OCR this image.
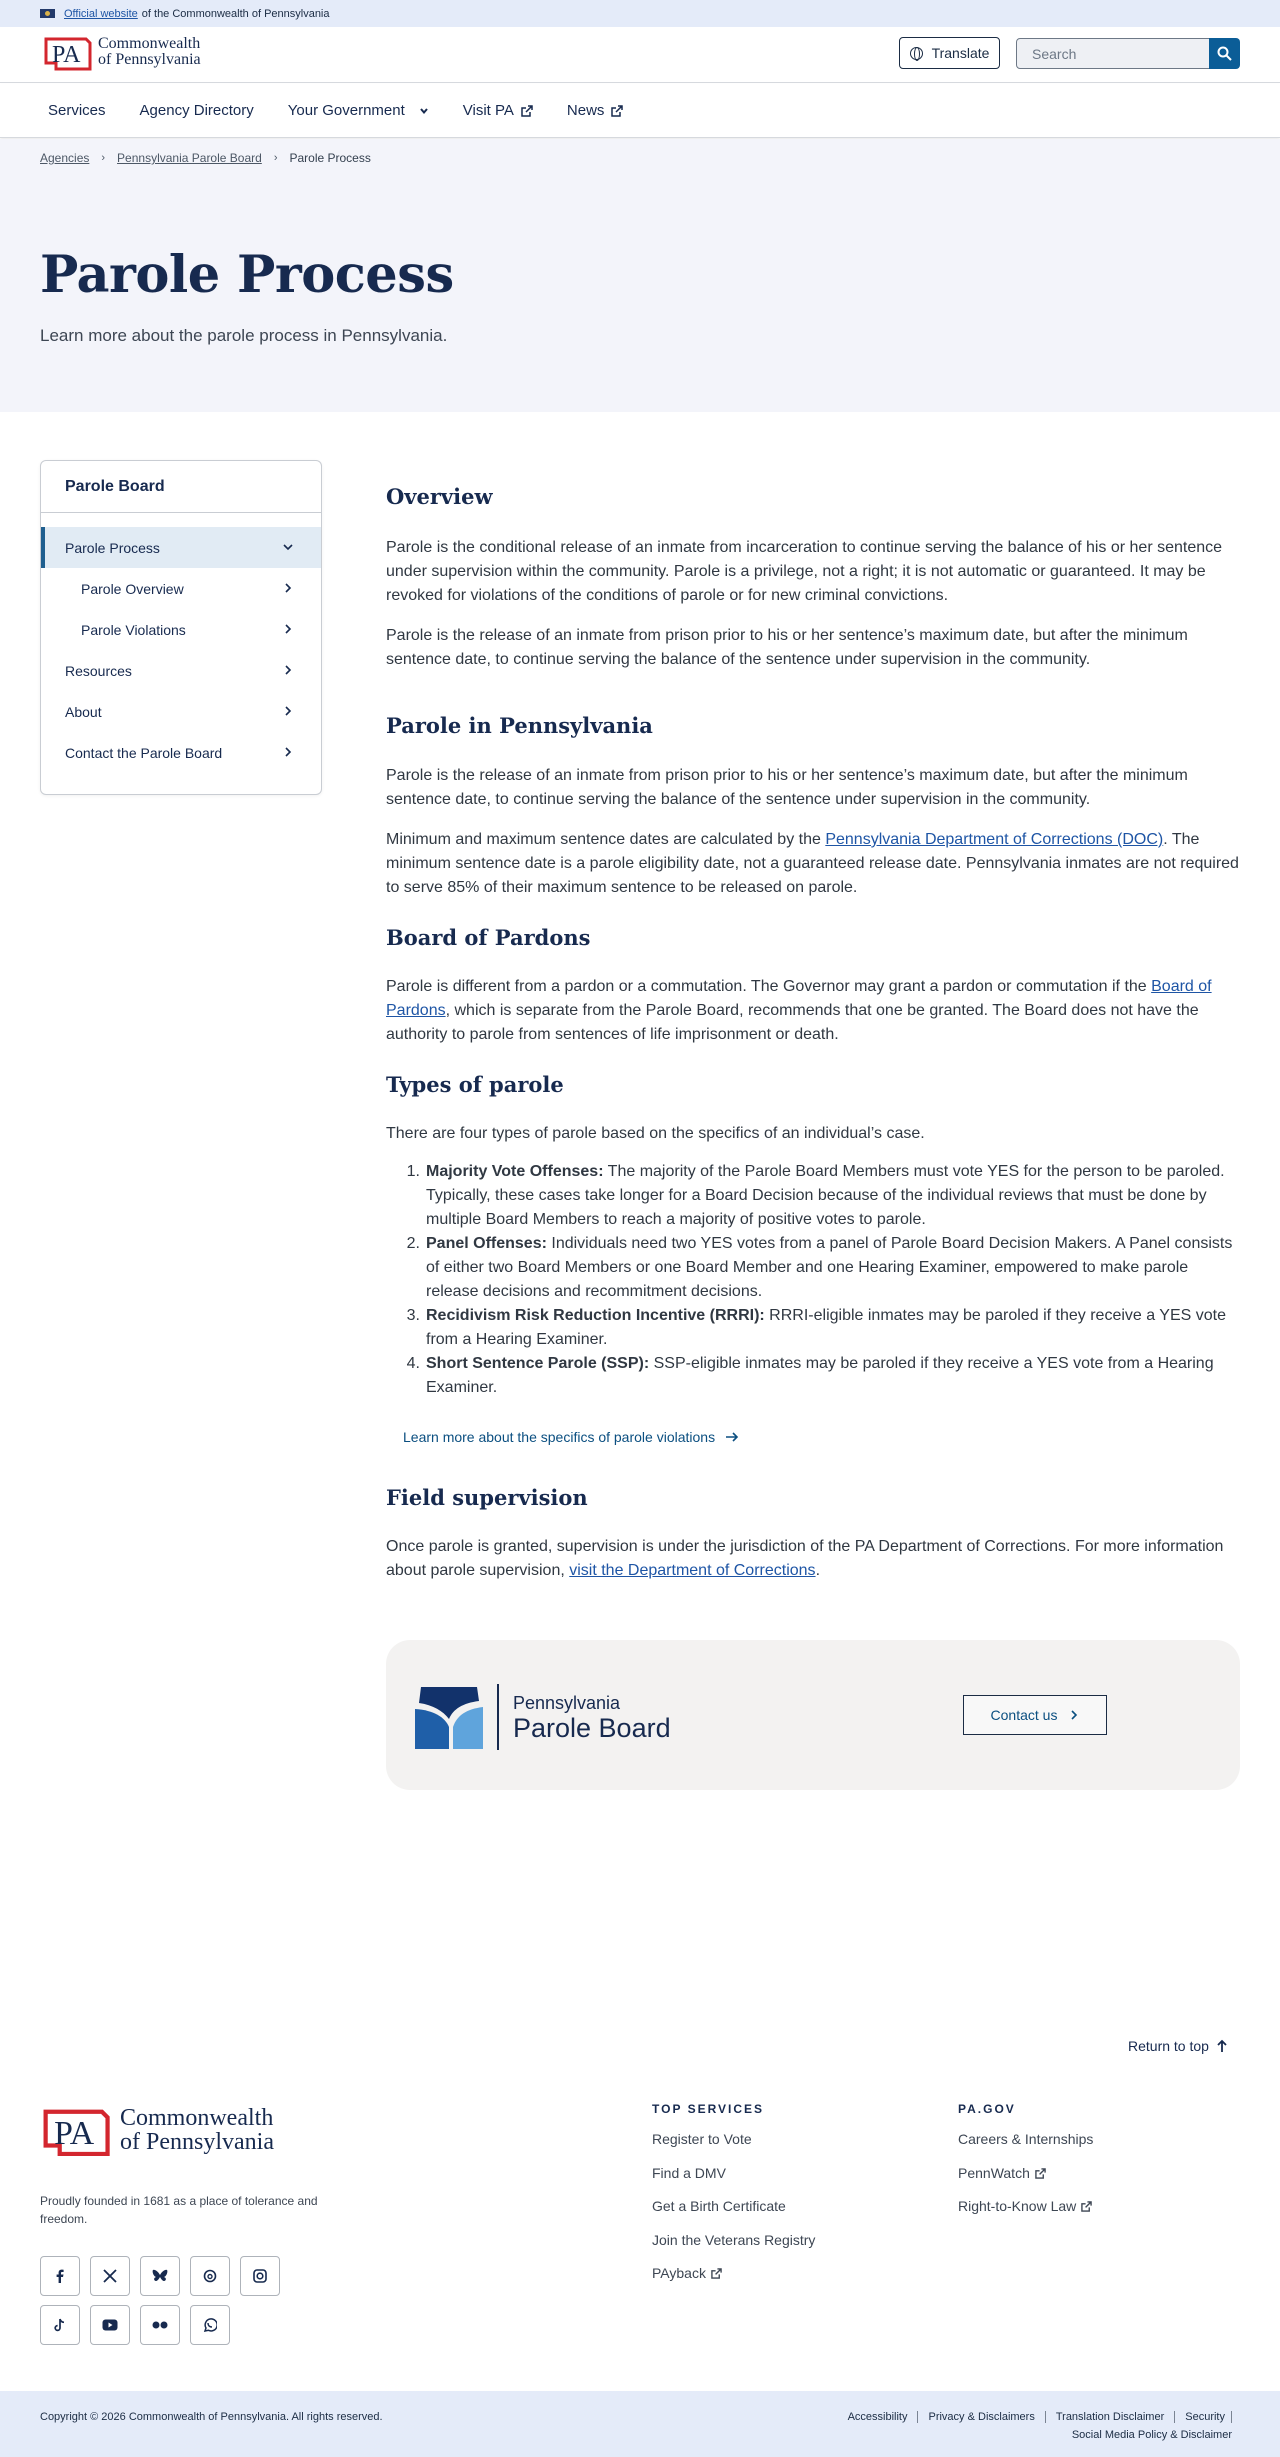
Official website of the Commonwealth of Pennsylvania
PA Commonwealth
of Pennsylvania	Translate	Search
Services Agency Directory Your Government	Visit PA	News
Agencies › Pennsylvania Parole Board › Parole Process
Parole Process

Learn more about the parole process in Pennsylvania.

Parole Board
Parole Process
Parole Overview
Parole Violations
Resources
About
Contact the Parole Board
Overview

Parole is the conditional release of an inmate from incarceration to continue serving the balance of his or her sentence under supervision within the community. Parole is a privilege, not a right; it is not automatic or guaranteed. It may be revoked for violations of the conditions of parole or for new criminal convictions.

Parole is the release of an inmate from prison prior to his or her sentence’s maximum date, but after the minimum sentence date, to continue serving the balance of the sentence under supervision in the community.

Parole in Pennsylvania

Parole is the release of an inmate from prison prior to his or her sentence’s maximum date, but after the minimum sentence date, to continue serving the balance of the sentence under supervision in the community.

Minimum and maximum sentence dates are calculated by the Pennsylvania Department of Corrections (DOC). The minimum sentence date is a parole eligibility date, not a guaranteed release date. Pennsylvania inmates are not required to serve 85% of their maximum sentence to be released on parole.

Board of Pardons

Parole is different from a pardon or a commutation. The Governor may grant a pardon or commutation if the Board of Pardons, which is separate from the Parole Board, recommends that one be granted. The Board does not have the authority to parole from sentences of life imprisonment or death.

Types of parole

There are four types of parole based on the specifics of an individual’s case.

1. Majority Vote Offenses: The majority of the Parole Board Members must vote YES for the person to be paroled. Typically, these cases take longer for a Board Decision because of the individual reviews that must be done by multiple Board Members to reach a majority of positive votes to parole.
2. Panel Offenses: Individuals need two YES votes from a panel of Parole Board Decision Makers. A Panel consists of either two Board Members or one Board Member and one Hearing Examiner, empowered to make parole release decisions and recommitment decisions.
3. Recidivism Risk Reduction Incentive (RRRI): RRRI-eligible inmates may be paroled if they receive a YES vote from a Hearing Examiner.
4. Short Sentence Parole (SSP): SSP-eligible inmates may be paroled if they receive a YES vote from a Hearing Examiner.
Learn more about the specifics of parole violations
Field supervision

Once parole is granted, supervision is under the jurisdiction of the PA Department of Corrections. For more information about parole supervision, visit the Department of Corrections.

Pennsylvania
Parole Board	Contact us
Return to top
PA Commonwealth
of Pennsylvania

Proudly founded in 1681 as a place of tolerance and freedom.

TOP SERVICES
Register to Vote
Find a DMV
Get a Birth Certificate
Join the Veterans Registry
PAyback
PA.GOV
Careers & Internships
PennWatch
Right-to-Know Law
Copyright © 2026 Commonwealth of Pennsylvania. All rights reserved.	Accessibility	Privacy & Disclaimers	Translation Disclaimer	Security
Social Media Policy & Disclaimer
